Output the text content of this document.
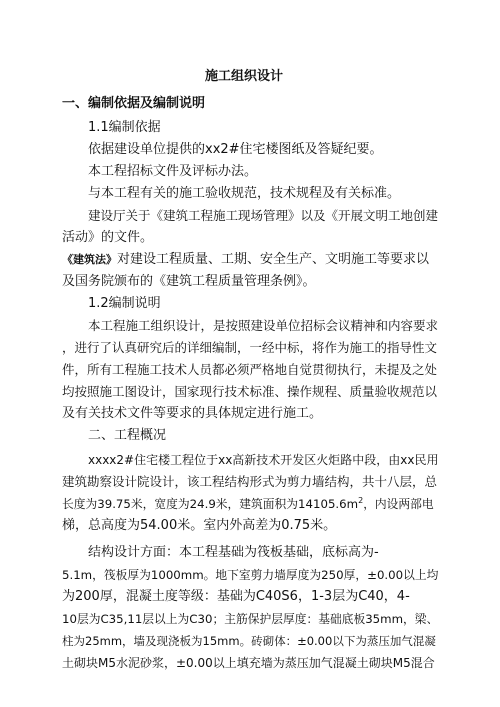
施工组织设计
一、编制依据及编制说明
1.1编制依据
依据建设单位提供的xx2#住宅楼图纸及答疑纪要。
本工程招标文件及评标办法。
与本工程有关的施工验收规范，技术规程及有关标准。
建设厅关于《建筑工程施工现场管理》以及《开展文明工地创建
活动》的文件。
《建筑法》对建设工程质量、工期、安全生产、文明施工等要求以
及国务院颁布的《建筑工程质量管理条例》。
1.2编制说明
本工程施工组织设计，是按照建设单位招标会议精神和内容要求
，进行了认真研究后的详细编制，一经中标，将作为施工的指导性文
件，所有工程施工技术人员都必须严格地自觉贯彻执行，未提及之处
均按照施工图设计，国家现行技术标准、操作规程、质量验收规范以
及有关技术文件等要求的具体规定进行施工。
二、工程概况
xxxx2#住宅楼工程位于xx高新技术开发区火炬路中段，由xx民用
建筑勘察设计院设计，该工程结构形式为剪力墙结构，共十八层，总
长度为39.75米，宽度为24.9米，建筑面积为$14105.6m^2$，内设两部电
梯，总高度为54.00米。室内外高差为0.75米。
结构设计方面：本工程基础为筏板基础，底标高为-
5.1m，筏板厚为1000mm。地下室剪力墙厚度为250厚，±0.00以上均
为200厚，混凝土度等级：基础为C40S6，1-3层为C40，4-
10层为C35,11层以上为C30；主筋保护层厚度：基础底板35mm，梁、
柱为25mm，墙及现浇板为15mm。砖砌体：±0.00以下为蒸压加气混凝
土砌块M5水泥砂浆，±0.00以上填充墙为蒸压加气混凝土砌块M5混合
